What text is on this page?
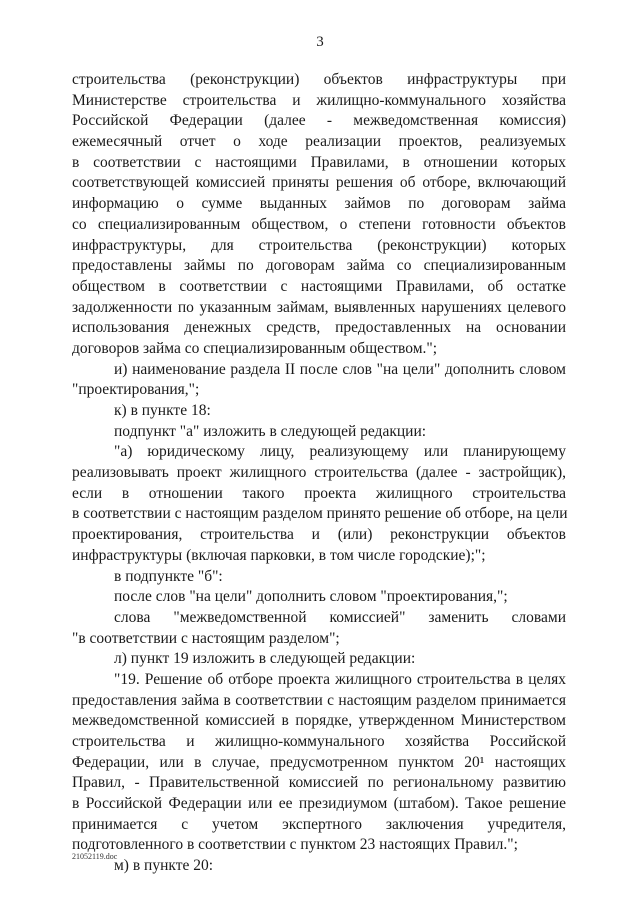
3
строительства (реконструкции) объектов инфраструктуры при
Министерстве строительства и жилищно-коммунального хозяйства
Российской Федерации (далее - межведомственная комиссия)
ежемесячный отчет о ходе реализации проектов, реализуемых
в соответствии с настоящими Правилами, в отношении которых
соответствующей комиссией приняты решения об отборе, включающий
информацию о сумме выданных займов по договорам займа
со специализированным обществом, о степени готовности объектов
инфраструктуры, для строительства (реконструкции) которых
предоставлены займы по договорам займа со специализированным
обществом в соответствии с настоящими Правилами, об остатке
задолженности по указанным займам, выявленных нарушениях целевого
использования денежных средств, предоставленных на основании
договоров займа со специализированным обществом.";
и) наименование раздела II после слов "на цели" дополнить словом
"проектирования,";
к) в пункте 18:
подпункт "а" изложить в следующей редакции:
"а) юридическому лицу, реализующему или планирующему
реализовывать проект жилищного строительства (далее - застройщик),
если в отношении такого проекта жилищного строительства
в соответствии с настоящим разделом принято решение об отборе, на цели
проектирования, строительства и (или) реконструкции объектов
инфраструктуры (включая парковки, в том числе городские);";
в подпункте "б":
после слов "на цели" дополнить словом "проектирования,";
слова "межведомственной комиссией" заменить словами
"в соответствии с настоящим разделом";
л) пункт 19 изложить в следующей редакции:
"19. Решение об отборе проекта жилищного строительства в целях
предоставления займа в соответствии с настоящим разделом принимается
межведомственной комиссией в порядке, утвержденном Министерством
строительства и жилищно-коммунального хозяйства Российской
Федерации, или в случае, предусмотренном пунктом 20¹ настоящих
Правил, - Правительственной комиссией по региональному развитию
в Российской Федерации или ее президиумом (штабом). Такое решение
принимается с учетом экспертного заключения учредителя,
подготовленного в соответствии с пунктом 23 настоящих Правил.";
м) в пункте 20:
21052119.doc
